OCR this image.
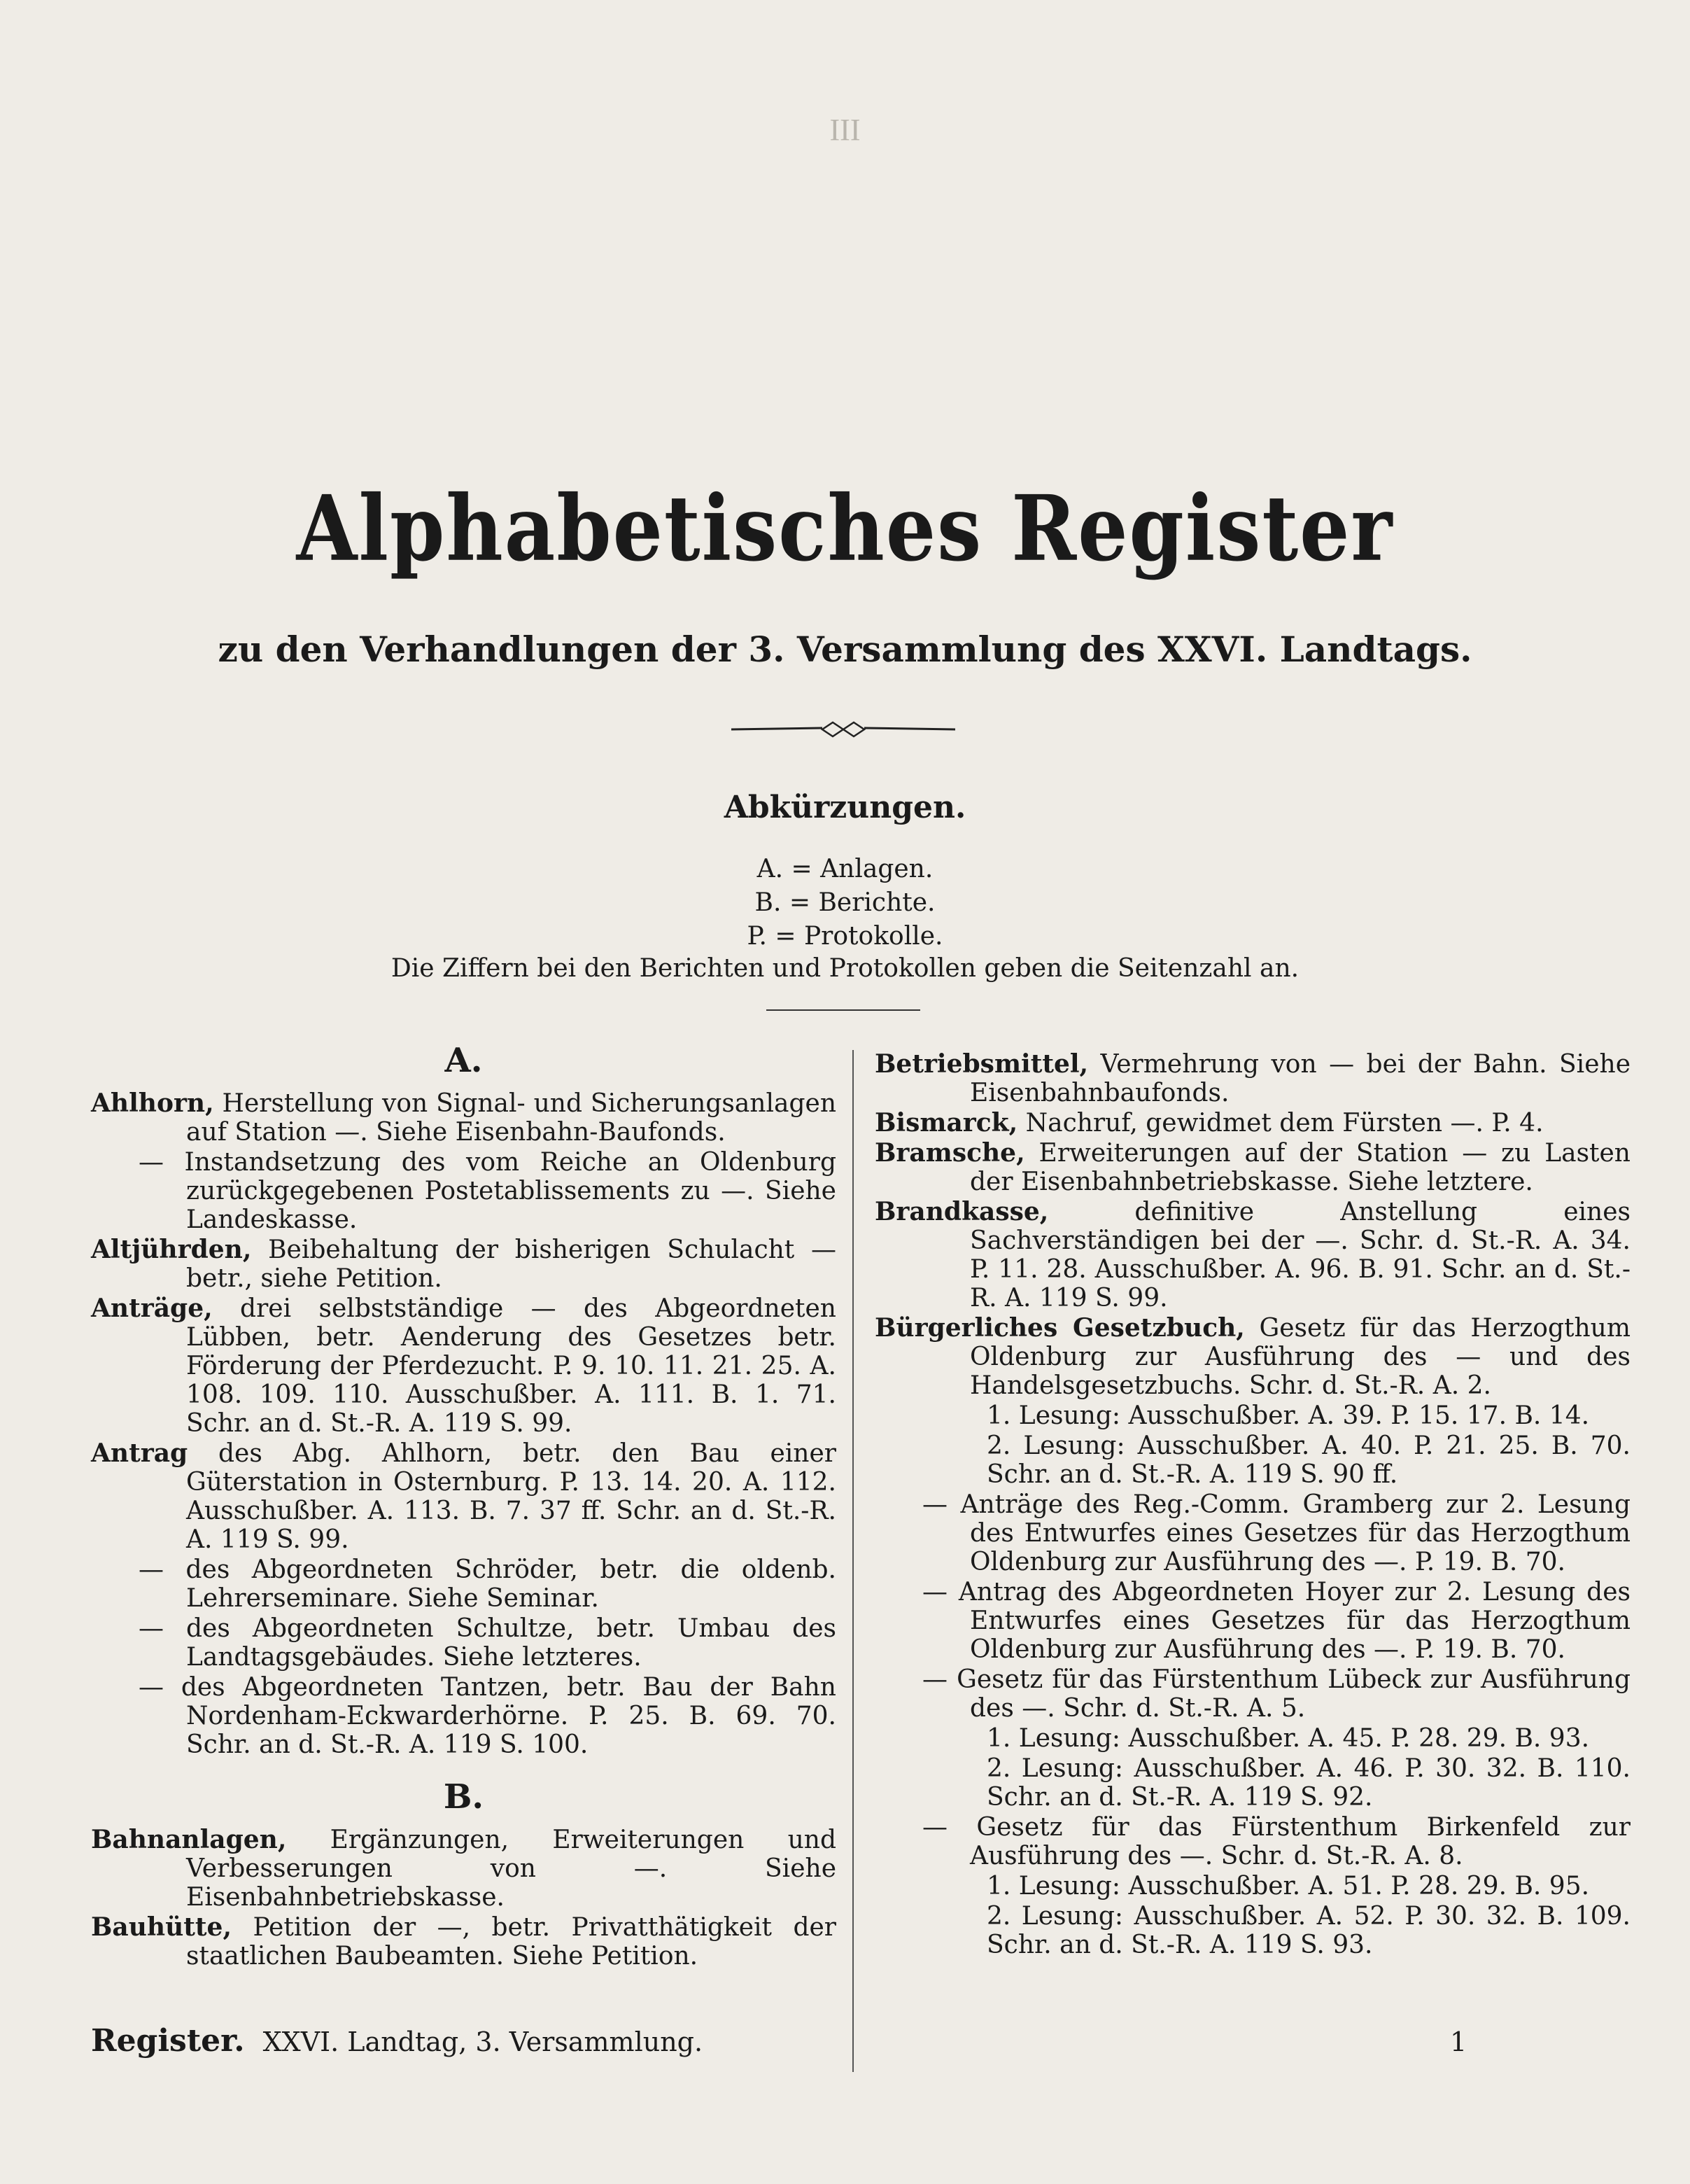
III
Alphabetisches Register
zu den Verhandlungen der 3. Versammlung des XXVI. Landtags.
Abkürzungen.
A. = Anlagen.
B. = Berichte.
P. = Protokolle.
Die Ziffern bei den Berichten und Protokollen geben die Seitenzahl an.
A.

Ahlhorn, Herstellung von Signal- und Sicherungsanlagen auf Station —. Siehe Eisenbahn-Baufonds.

— Instandsetzung des vom Reiche an Oldenburg zurückgegebenen Postetablissements zu —. Siehe Landeskasse.

Altjührden, Beibehaltung der bisherigen Schulacht — betr., siehe Petition.

Anträge, drei selbstständige — des Abgeordneten Lübben, betr. Aenderung des Gesetzes betr. Förderung der Pferdezucht. P. 9. 10. 11. 21. 25. A. 108. 109. 110. Ausschußber. A. 111. B. 1. 71. Schr. an d. St.-R. A. 119 S. 99.

Antrag des Abg. Ahlhorn, betr. den Bau einer Güterstation in Osternburg. P. 13. 14. 20. A. 112. Ausschußber. A. 113. B. 7. 37 ff. Schr. an d. St.-R. A. 119 S. 99.

— des Abgeordneten Schröder, betr. die oldenb. Lehrerseminare. Siehe Seminar.

— des Abgeordneten Schultze, betr. Umbau des Landtagsgebäudes. Siehe letzteres.

— des Abgeordneten Tantzen, betr. Bau der Bahn Nordenham-Eckwarderhörne. P. 25. B. 69. 70. Schr. an d. St.-R. A. 119 S. 100.

B.

Bahnanlagen, Ergänzungen, Erweiterungen und Verbesserungen von —. Siehe Eisenbahnbetriebskasse.

Bauhütte, Petition der —, betr. Privatthätigkeit der staatlichen Baubeamten. Siehe Petition.

Betriebsmittel, Vermehrung von — bei der Bahn. Siehe Eisenbahnbaufonds.

Bismarck, Nachruf, gewidmet dem Fürsten —. P. 4.

Bramsche, Erweiterungen auf der Station — zu Lasten der Eisenbahnbetriebskasse. Siehe letztere.

Brandkasse, definitive Anstellung eines Sachverständigen bei der —. Schr. d. St.-R. A. 34. P. 11. 28. Ausschußber. A. 96. B. 91. Schr. an d. St.-R. A. 119 S. 99.

Bürgerliches Gesetzbuch, Gesetz für das Herzogthum Oldenburg zur Ausführung des — und des Handelsgesetzbuchs. Schr. d. St.-R. A. 2.

1. Lesung: Ausschußber. A. 39. P. 15. 17. B. 14.

2. Lesung: Ausschußber. A. 40. P. 21. 25. B. 70. Schr. an d. St.-R. A. 119 S. 90 ff.

— Anträge des Reg.-Comm. Gramberg zur 2. Lesung des Entwurfes eines Gesetzes für das Herzogthum Oldenburg zur Ausführung des —. P. 19. B. 70.

— Antrag des Abgeordneten Hoyer zur 2. Lesung des Entwurfes eines Gesetzes für das Herzogthum Oldenburg zur Ausführung des —. P. 19. B. 70.

— Gesetz für das Fürstenthum Lübeck zur Ausführung des —. Schr. d. St.-R. A. 5.

1. Lesung: Ausschußber. A. 45. P. 28. 29. B. 93.

2. Lesung: Ausschußber. A. 46. P. 30. 32. B. 110. Schr. an d. St.-R. A. 119 S. 92.

— Gesetz für das Fürstenthum Birkenfeld zur Ausführung des —. Schr. d. St.-R. A. 8.

1. Lesung: Ausschußber. A. 51. P. 28. 29. B. 95.

2. Lesung: Ausschußber. A. 52. P. 30. 32. B. 109. Schr. an d. St.-R. A. 119 S. 93.

Register. XXVI. Landtag, 3. Versammlung.	1
